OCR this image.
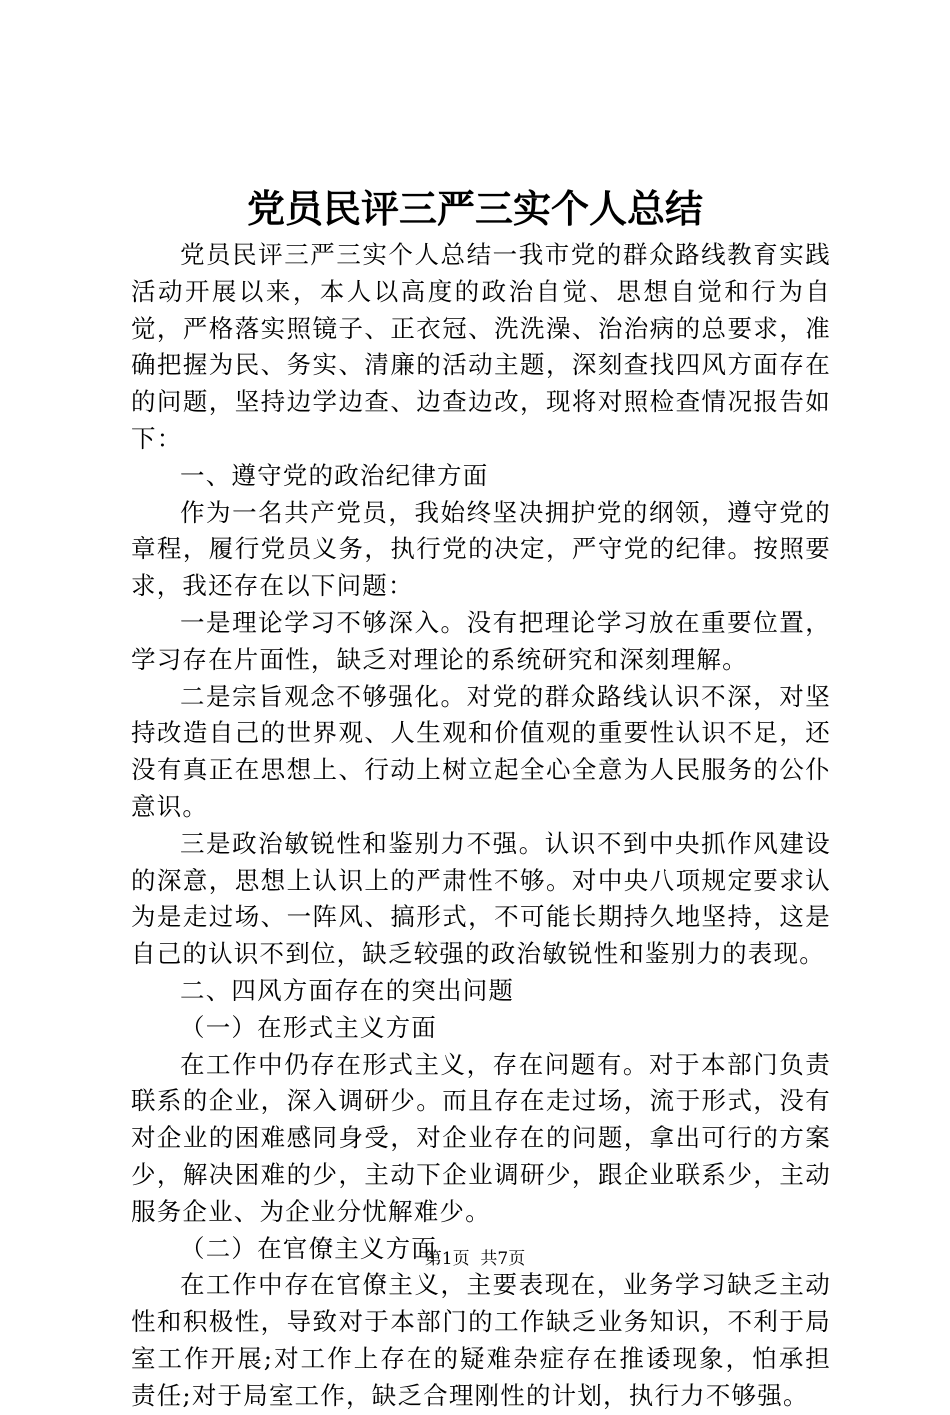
党员民评三严三实个人总结

党员民评三严三实个人总结一我市党的群众路线教育实践活动开展以来，本人以高度的政治自觉、思想自觉和行为自觉，严格落实照镜子、正衣冠、洗洗澡、治治病的总要求，准确把握为民、务实、清廉的活动主题，深刻查找四风方面存在的问题，坚持边学边查、边查边改，现将对照检查情况报告如下：

一、遵守党的政治纪律方面

作为一名共产党员，我始终坚决拥护党的纲领，遵守党的章程，履行党员义务，执行党的决定，严守党的纪律。按照要求，我还存在以下问题：

一是理论学习不够深入。没有把理论学习放在重要位置，学习存在片面性，缺乏对理论的系统研究和深刻理解。

二是宗旨观念不够强化。对党的群众路线认识不深，对坚持改造自己的世界观、人生观和价值观的重要性认识不足，还没有真正在思想上、行动上树立起全心全意为人民服务的公仆意识。

三是政治敏锐性和鉴别力不强。认识不到中央抓作风建设的深意，思想上认识上的严肃性不够。对中央八项规定要求认为是走过场、一阵风、搞形式，不可能长期持久地坚持，这是自己的认识不到位，缺乏较强的政治敏锐性和鉴别力的表现。

二、四风方面存在的突出问题

（一）在形式主义方面

在工作中仍存在形式主义，存在问题有。对于本部门负责联系的企业，深入调研少。而且存在走过场，流于形式，没有对企业的困难感同身受，对企业存在的问题，拿出可行的方案少，解决困难的少，主动下企业调研少，跟企业联系少，主动服务企业、为企业分忧解难少。

（二）在官僚主义方面

在工作中存在官僚主义，主要表现在，业务学习缺乏主动性和积极性，导致对于本部门的工作缺乏业务知识，不利于局室工作开展;对工作上存在的疑难杂症存在推诿现象，怕承担责任;对于局室工作，缺乏合理刚性的计划，执行力不够强。

第1页  共7页
